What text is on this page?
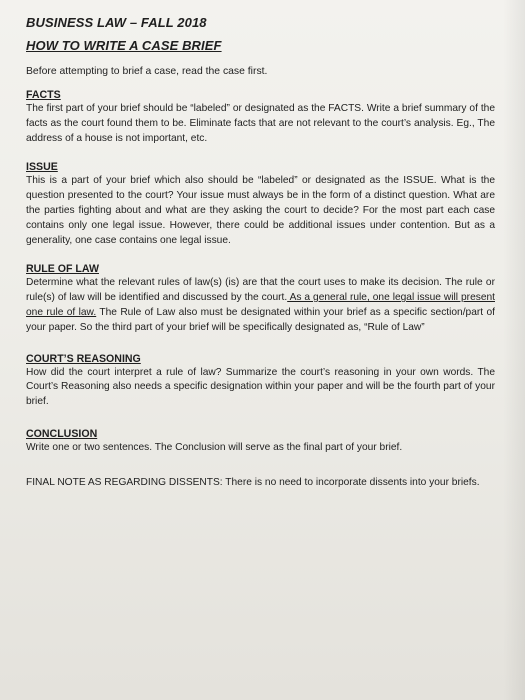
BUSINESS LAW – FALL 2018

HOW TO WRITE A CASE BRIEF

Before attempting to brief a case, read the case first.

FACTS

The first part of your brief should be “labeled” or designated as the FACTS. Write a brief summary of the facts as the court found them to be. Eliminate facts that are not relevant to the court’s analysis. Eg., The address of a house is not important, etc.

ISSUE

This is a part of your brief which also should be “labeled” or designated as the ISSUE. What is the question presented to the court? Your issue must always be in the form of a distinct question. What are the parties fighting about and what are they asking the court to decide? For the most part each case contains only one legal issue. However, there could be additional issues under contention. But as a generality, one case contains one legal issue.

RULE OF LAW

Determine what the relevant rules of law(s) (is) are that the court uses to make its decision. The rule or rule(s) of law will be identified and discussed by the court. As a general rule, one legal issue will present one rule of law. The Rule of Law also must be designated within your brief as a specific section/part of your paper. So the third part of your brief will be specifically designated as, “Rule of Law”

COURT’S REASONING

How did the court interpret a rule of law? Summarize the court’s reasoning in your own words. The Court’s Reasoning also needs a specific designation within your paper and will be the fourth part of your brief.

CONCLUSION

Write one or two sentences. The Conclusion will serve as the final part of your brief.

FINAL NOTE AS REGARDING DISSENTS: There is no need to incorporate dissents into your briefs.
